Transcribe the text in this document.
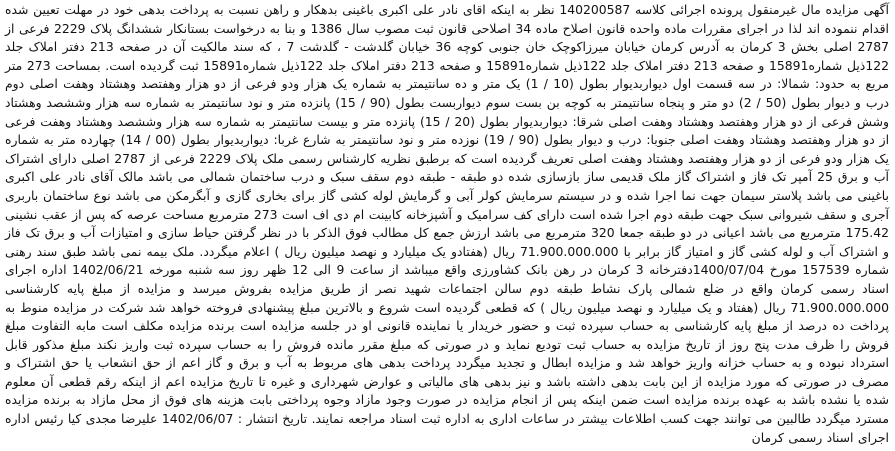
آگهی مزایده مال غیرمنقول پرونده اجرائی کلاسه 140200587 نظر به اینکه اقای نادر علی اکبری باغینی بدهکار و راهن نسبت به پرداخت بدهی خود در مهلت تعیین شده اقدام ننموده اند لذا در اجرای مقررات ماده واحده قانون اصلاح ماده 34 اصلاحی قانون ثبت مصوب سال 1386 و بنا به درخواست بستانکار ششدانگ پلاک 2229 فرعی از 2787 اصلی بخش 3 کرمان به آدرس کرمان خیابان میرزاکوچک خان جنوبی کوچه 36 خیابان گلدشت - گلدشت 7 ، که سند مالکیت آن در صفحه 213 دفتر املاک جلد 122ذیل شماره15891 و صفحه 213 دفتر املاک جلد 122ذیل شماره15891 و صفحه 213 دفتر املاک جلد 122ذیل شماره15891 ثبت گردیده است. بمساحت 273 متر مربع به حدود: شمالا: در سه قسمت اول دیواربدیوار بطول (10 / 1) یک متر و ده سانتیمتر به شماره یک هزار ودو فرعی از دو هزار وهفتصد وهشتاد وهفت اصلی دوم درب و دیوار بطول (50 / 2) دو متر و پنجاه سانتیمتر به کوچه بن بست سوم دیواربست بطول (90 / 15) پانزده متر و نود سانتیمتر به شماره سه هزار وششصد وهشتاد وشش فرعی از دو هزار وهفتصد وهشتاد وهفت اصلی شرقا: دیواربدیوار بطول (20 / 15) پانزده متر و بیست سانتیمتر به شماره سه هزار وششصد وهشتاد وهفت فرعی از دو هزار وهفتصد وهشتاد وهفت اصلی جنوبا: درب و دیوار بطول (90 / 19) نوزده متر و نود سانتیمتر به شارع غربا: دیواربدیوار بطول (00 / 14) چهارده متر به شماره یک هزار ودو فرعی از دو هزار وهفتصد وهشتاد وهفت اصلی تعریف گردیده است که برطبق نظریه کارشناس رسمی ملک پلاک 2229 فرعی از 2787 اصلی دارای اشتراک آب و برق 25 آمپر تک فاز و اشتراک گاز ملک قدیمی ساز بازسازی شده دو طبقه - طبقه دوم سقف سبک و درب ساختمان شمالی می باشد مالک آقای نادر علی اکبری باغینی می باشد پلاستر سیمان جهت نما اجرا شده و در سیستم سرمایش کولر آبی و گرمایش لوله کشی گاز برای بخاری گازی و آبگرمکن می باشد نوع ساختمان باربری آجری و سقف شیروانی سبک جهت طبقه دوم اجرا شده است دارای کف سرامیک و آشپزخانه کابینت ام دی اف است 273 مترمربع مساحت عرصه که پس از عقب نشینی 175.42 مترمربع می باشد اعیانی در دو طبقه جمعا 320 مترمربع می باشد ارزش جمع کل مطالب فوق الذکر با در نظر گرفتن حیاط سازی و امتیازات آب و برق تک فاز و اشتراک آب و لوله کشی گاز و امتیاز گاز برابر با 71.900.000.000 ریال (هفتادو یک میلیارد و نهصد میلیون ریال ) اعلام میگردد. ملک بیمه نمی باشد طبق سند رهنی شماره 157539 مورخ 1400/07/04دفترخانه 3 کرمان در رهن بانک کشاورزی واقع میباشد از ساعت 9 الی 12 ظهر روز سه شنبه مورخه 1402/06/21 اداره اجرای اسناد رسمی کرمان واقع در ضلع شمالی پارک نشاط طبقه دوم سالن اجتماعات شهید نصر از طریق مزایده بفروش میرسد و مزایده از مبلغ پایه کارشناسی 71.900.000.000 ریال (هفتاد و یک میلیارد و نهصد میلیون ریال ) که قطعی گردیده است شروع و بالاترین مبلغ پیشنهادی فروخته خواهد شد شرکت در مزایده منوط به پرداخت ده درصد از مبلغ پایه کارشناسی به حساب سپرده ثبت و حضور خریدار یا نماینده قانونی او در جلسه مزایده است برنده مزایده مکلف است مابه التفاوت مبلغ فروش را ظرف مدت پنج روز از تاریخ مزایده به حساب ثبت تودیع نماید و در صورتی که مبلغ مقرر مانده فروش را به حساب سپرده ثبت واریز نکند مبلغ مذکور قابل استرداد نبوده و به حساب خزانه واریز خواهد شد و مزایده ابطال و تجدید میگردد پرداخت بدهی های مربوط به آب و برق و گاز اعم از حق انشعاب یا حق اشتراک و مصرف در صورتی که مورد مزایده از این بابت بدهی داشته باشد و نیز بدهی های مالیاتی و عوارض شهرداری و غیره تا تاریخ مزایده اعم از اینکه رقم قطعی آن معلوم شده یا نشده باشد به عهده برنده مزایده است ضمن اینکه پس از انجام مزایده در صورت وجود مازاد وجوه پرداختی بابت هزینه های فوق از محل مازاد به برنده مزایده مسترد میگردد طالبین می توانند جهت کسب اطلاعات بیشتر در ساعات اداری به اداره ثبت اسناد مراجعه نمایند. تاریخ انتشار : 1402/06/07 علیرضا مجدی کیا رئیس اداره اجرای اسناد رسمی کرمان
